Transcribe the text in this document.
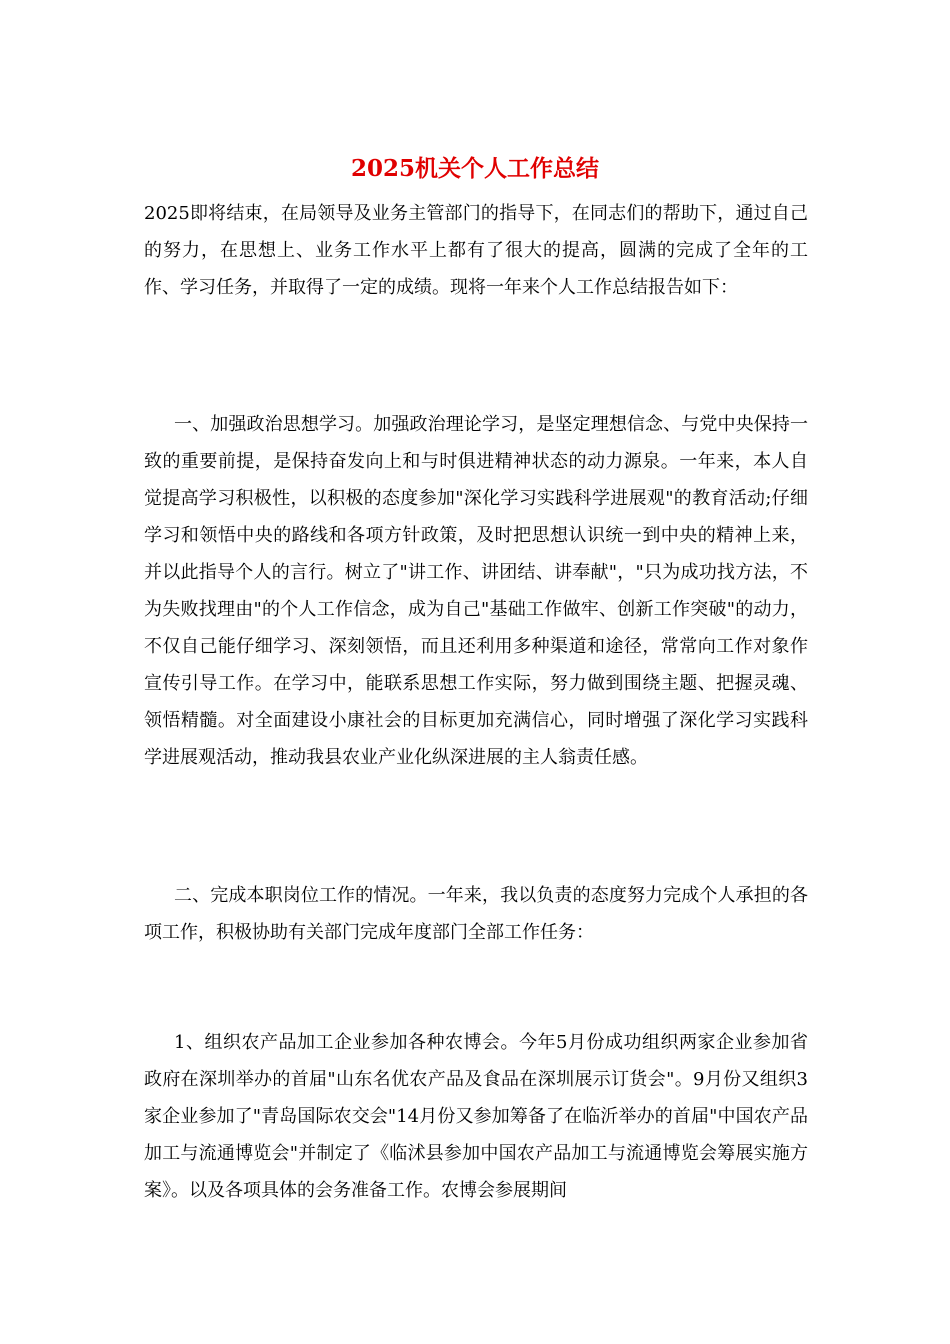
2025机关个人工作总结

2025即将结束，在局领导及业务主管部门的指导下，在同志们的帮助下，通过自己的努力，在思想上、业务工作水平上都有了很大的提高，圆满的完成了全年的工作、学习任务，并取得了一定的成绩。现将一年来个人工作总结报告如下：

一、加强政治思想学习。加强政治理论学习，是坚定理想信念、与党中央保持一致的重要前提，是保持奋发向上和与时俱进精神状态的动力源泉。一年来，本人自觉提高学习积极性，以积极的态度参加"深化学习实践科学进展观"的教育活动;仔细学习和领悟中央的路线和各项方针政策，及时把思想认识统一到中央的精神上来，并以此指导个人的言行。树立了"讲工作、讲团结、讲奉献"，"只为成功找方法，不为失败找理由"的个人工作信念，成为自己"基础工作做牢、创新工作突破"的动力，不仅自己能仔细学习、深刻领悟，而且还利用多种渠道和途径，常常向工作对象作宣传引导工作。在学习中，能联系思想工作实际，努力做到围绕主题、把握灵魂、领悟精髓。对全面建设小康社会的目标更加充满信心，同时增强了深化学习实践科学进展观活动，推动我县农业产业化纵深进展的主人翁责任感。

二、完成本职岗位工作的情况。一年来，我以负责的态度努力完成个人承担的各项工作，积极协助有关部门完成年度部门全部工作任务：

1、组织农产品加工企业参加各种农博会。今年5月份成功组织两家企业参加省政府在深圳举办的首届"山东名优农产品及食品在深圳展示订货会"。9月份又组织3家企业参加了"青岛国际农交会"14月份又参加筹备了在临沂举办的首届"中国农产品加工与流通博览会"并制定了《临沭县参加中国农产品加工与流通博览会筹展实施方案》。以及各项具体的会务准备工作。农博会参展期间
